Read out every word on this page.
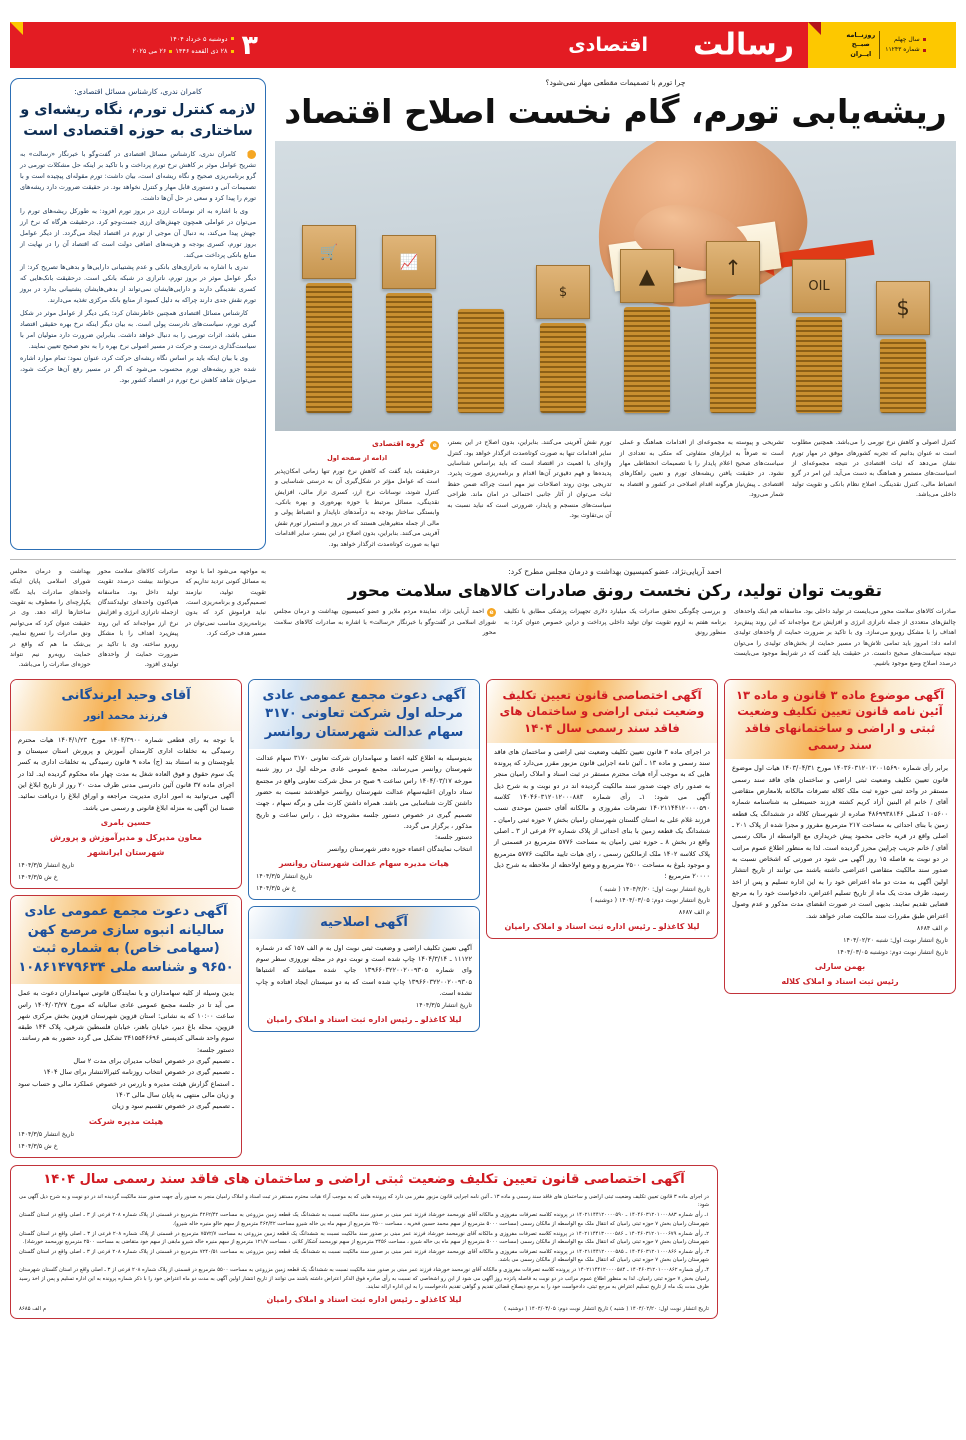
سال چهلم
شماره ۱۱۲۴۳
روزنــامه
صبــح
ایــران
رسالت
اقتصادی
۳
دوشنبه ۵ خرداد ۱۴۰۴
۲۸ ذی القعده ۱۴۴۶
۲۶ می ۲۰۲۵
چرا تورم با تصمیمات مقطعی مهار نمی‌شود؟
ریشه‌یابی تورم، گام نخست اصلاح اقتصاد
$
OIL
↑
▲
$
📈
🛒

کنترل اصولی و کاهش نرخ تورمی را می‌باشد. همچنین مطلوب است نه عنوان بدانیم که تجربه کشورهای موفق در مهار تورم نشان می‌دهد که ثبات اقتصادی در نتیجه مجموعه‌ای از اسیاست‌های مستمر و هماهنگ به دست می‌آید. این امر در گرو انضباط مالی، کنترل نقدینگی، اصلاح نظام بانکی و تقویت تولید داخلی می‌باشد.

تشریحی و پیوسته به مجموعه‌ای از اقدامات هماهنگ و عملی است نه صرفاً به ابزارهای متفاوتی که متکی به تعدادی از سیاست‌های صحیح اعلام پایدار را با تصمیمات انحطاطی مهار نشود. در حقیقت یافتن ریشه‌های تورم و تعیین راهکارهای اقتصادی ـ پیش‌نیاز هرگونه اقدام اصلاحی در کشور و اقتصاد به شمار می‌رود.

تورم نقش آفرینی می‌کنند. بنابراین، بدون اصلاح در این بستر، سایر اقدامات تنها به صورت کوتاه‌مدت اثرگذار خواهد بود. کنترل واژه‌ای با اهمیت در اقتصاد است که باید براساس شناسایی پدیده‌ها و فهم دقیق‌تر آن‌ها اقدام و برنامه‌ریزی صورت پذیرد. تدریجی بودن روند اصلاحات نیز مهم است چراکه ضمن حفظ ثبات می‌توان از آثار جانبی احتمالی در امان ماند. طراحی سیاست‌های منسجم و پایدار، ضرورتی است که نباید نسبت به آن بی‌تفاوت بود.

e
گروه اقتصادی
ادامه از صفحه اول

درحقیقت باید گفت که کاهش نرخ تورم تنها زمانی امکان‌پذیر است که عوامل مؤثر در شکل‌گیری آن به درستی شناسایی و کنترل شوند، نوسانات نرخ ارز، کسری تراز مالی، افزایش نقدینگی، مسائل مرتبط با حوزه بهره‌وری و بهره بانکی، وابستگی ساختار بودجه به درآمدهای ناپایدار و انضباط پولی و مالی از جمله متغیرهایی هستند که در بروز و استمرار تورم نقش آفرینی می‌کنند. بنابراین، بدون اصلاح در این بستر، سایر اقدامات تنها به صورت کوتاه‌مدت اثرگذار خواهد بود.

کامران ندری، کارشناس مسائل اقتصادی:
لازمه کنترل تورم، نگاه ریشه‌ای و ساختاری به حوزه اقتصادی است

e
کامران ندری، کارشناس مسائل اقتصادی در گفت‌وگو با خبرنگار «رسالت» به تشریح عوامل موثر بر کاهش نرخ تورم پرداخت و با تاکید بر اینکه حل مشکلات تورمی در گرو برنامه‌ریزی صحیح و نگاه ریشه‌ای است، بیان داشت: تورم مقوله‌ای پیچیده است و با تصمیمات آنی و دستوری قابل مهار و کنترل نخواهد بود. در حقیقت ضرورت دارد ریشه‌های تورم را پیدا کرد و سعی در حل آن‌ها داشت.

وی با اشاره به اثر نوسانات ارزی در بروز تورم افزود: به طورکل ریشه‌های تورم را می‌توان در عواملی همچون جهش‌های ارزی جست‌وجو کرد. درحقیقت هرگاه که نرخ ارز جهش پیدا می‌کند، به دنبال آن موجی از تورم در اقتصاد ایجاد می‌گردد. از دیگر عوامل بروز تورم، کسری بودجه و هزینه‌های اضافی دولت است که اقتصاد آن را در نهایت از منابع بانکی پرداخت می‌کند.

ندری با اشاره به ناترازی‌های بانکی و عدم پشتیبانی دارایی‌ها و بدهی‌ها تصریح کرد: از دیگر عوامل موثر در بروز تورم، ناترازی در شبکه بانکی است. درحقیقت بانک‌هایی که کسری نقدینگی دارند و دارایی‌هایشان نمی‌تواند از بدهی‌هایشان پشتیبانی بدارد در بروز تورم نقش جدی دارند چراکه به دلیل کمبود از منابع بانک مرکزی تغذیه می‌دارند.

کارشناس مسائل اقتصادی همچنین خاطرنشان کرد: یکی دیگر از عوامل موثر در شکل گیری تورم، سیاست‌های نادرست پولی است. به بیان دیگر اینکه نرخ بهره حقیقی اقتصاد منفی باشد، اثرات تورمی را به دنبال خواهد داشت. بنابراین ضرورت دارد متولیان امر با سیاست‌گذاری درست و حرکت در مسیر اصولی نرخ بهره را به نحو صحیح تعیین نمایند.

وی با بیان اینکه باید بر اساس نگاه ریشه‌ای حرکت کرد، عنوان نمود: تمام موارد اشاره شده جزو ریشه‌های تورم محسوب می‌شود که اگر در مسیر رفع آن‌ها حرکت شود، می‌توان شاهد کاهش نرخ تورم در اقتصاد کشور بود.

احمد آریایی‌نژاد، عضو کمیسیون بهداشت و درمان مجلس مطرح کرد:
تقویت توان تولید، رکن نخست رونق صادرات کالاهای سلامت محور
صادرات کالاهای سلامت محور می‌بایست در تولید داخلی بود. متاسفانه هم اینک واحدهای چالش‌های متعددی از جمله ناترازی انرژی و افزایش نرخ مواجه‌اند که این روند پیش‌برد اهداف را با مشکل روبرو می‌سازد. وی با تاکید بر ضرورت حمایت از واحدهای تولیدی ادامه داد: امروز باید تمامی تلاش‌ها در مسیر حمایت از بخش‌های تولیدی را می‌توان نتیجه سیاست‌های صحیح دانست. در حقیقت باید گفت که در شرایط موجود می‌بایست درصدد اصلاح وضع موجود باشیم.
و بررسی چگونگی تحقق صادرات یک میلیارد دلاری تجهیزات پزشکی مطابق با تکلیف برنامه هفتم به لزوم تقویت توان تولید داخلی پرداخت و دراین خصوص عنوان کرد: به منظور رونق
e
احمد آریایی نژاد، نماینده مردم ملایر و عضو کمیسیون بهداشت و درمان مجلس شورای اسلامی در گفت‌وگو با خبرنگار «رسالت» با اشاره به صادرات کالاهای سلامت محور
به مواجهه می‌شود اما با توجه به مسائل کنونی تردید نداریم که تقویت تولید، نیازمند تصمیم‌گیری و برنامه‌ریزی است. نباید فراموش کرد که بدون برنامه‌ریزی مناسب نمی‌توان در مسیر هدف حرکت کرد.
صادرات کالاهای سلامت محور می‌توانند بیشت درصدد تقویت تولید داخل بود. متاسفانه هم‌اکنون واحدهای تولیدکنندگان ازجمله ناترازی انرژی و افزایش نرخ ارز مواجه‌اند که این روند پیش‌برد اهداف را با مشکل روبرو ساخته. وی با تاکید بر ضرورت حمایت از واحدهای تولیدی افزود.
بهداشت و درمان مجلس شورای اسلامی پایان اینکه واحدهای صادرات باید نگاه یکپارچه‌ای را معطوف به تقویت ساختارها ارائه دهد. وی در حقیقت عنوان کرد که می‌توانیم ونق صادرات را تسریع نماییم. بی‌شک ما هم که واقع در حمایت روبه‌رو نیم نتواند حوزه‌ای صادرات را می‌باشد.
آگهی موضوع ماده ۳ قانون و ماده ۱۳ آئین نامه قانون تعیین تکلیف وضعیت ثبتی و اراضی و ساختمانهای فاقد سند رسمی
برابر رأی شماره ۱۴۰۳۶۰۳۱۲۰۱۲۰۰۱۵۶۹۰ مورخ ۱۴۰۳/۰۴/۳۱ هیات اول موضوع قانون تعیین تکلیف وضعیت ثبتی اراضی و ساختمان های فاقد سند رسمی مستقر در واحد ثبتی حوزه ثبت ملک کلاله تصرفات مالکانه بلامعارض متقاضی آقای / خانم ام البنین آزاد کریم کشته فرزند حسینعلی به شناسنامه شماره ۱۰۵۶۰۰ کدملی ۴۸۶۹۹۳۸۱۴۶ صادره از شهرستان کلاله در ششدانگ یک قطعه زمین با بنای احداثی به مساحت ۲۱۷ مترمربع مفروز و مجزا شده از پلاک ۲۰۱ ـ اصلی واقع در قریه حاجی محمود پیش خریداری مع الواسطه از مالک رسمی آقای / خانم جریب چراپین محرز گردیده است. لذا به منظور اطلاع عموم مراتب در دو نوبت به فاصله ۱۵ روز آگهی می شود در صورتی که اشخاص نسبت به صدور سند مالکیت متقاضی اعتراضی داشته باشند می توانند از تاریخ انتشار اولین آگهی به مدت دو ماه اعتراض خود را به این اداره تسلیم و پس از اخذ رسید، ظرف مدت یک ماه از تاریخ تسلیم اعتراض، دادخواست خود را به مرجع قضایی تقدیم نمایند. بدیهی است در صورت انقضای مدت مذکور و عدم وصول اعتراض طبق مقررات سند مالکیت صادر خواهد شد.
م الف ۸۶۸۴
تاریخ انتشار نوبت اول: شنبه ۱۴۰۴/۰۲/۲۰
تاریخ انتشار نوبت دوم: دوشنبه ۱۴۰۴/۰۳/۰۵
بهمن سارلی
رئیس ثبت اسناد و املاک کلاله
آگهی اختصاصی قانون تعیین تکلیف وضعیت ثبتی اراضی و ساختمان های فاقد سند رسمی سال ۱۴۰۴
در اجرای ماده ۳ قانون تعیین تکلیف وضعیت ثبتی اراضی و ساختمان های فاقد سند رسمی و ماده ۱۳ ـ آئین نامه اجرایی قانون مزبور مقرر می‌دارد که پرونده هایی که به موجب آراء هیات محترم مستقر در ثبت اسناد و املاک رامیان منجر به صدور رای جهت صدور سند مالکیت گردیده اند در دو نوبت و به شرح ذیل آگهی می شود: ۱ـ رأی شماره ۱۴۰۴۶۰۳۱۲۰۱۲۰۰۰۸۸۳ کلاسه ۱۴۰۲۱۱۴۴۱۲۰۰۰۰۵۹۰ تصرفات مفروزی و مالکانه آقای حسین موحدی نسب فرزند غلام علی به استان گلستان شهرستان رامیان بخش ۷ حوزه ثبتی رامیان ـ ششدانگ یک قطعه زمین با بنای احداثی از پلاک شماره ۶۲ فرعی از ۳ ـ اصلی واقع در بخش ۸ ـ حوزه ثبتی رامیان به مساحت ۵۷۷۶ مترمربع در قسمتی از پلاک کلاسه ۱۴۰۲ ملک ازمالکین رسمی ، رای هیات تایید مالکیت ۵۷۷۶ مترمربع و موجود بلوغ به مساحت ۲۵۰۰ مترمربع و وضع اولاحظه از ملاحظه به شرح ذیل ۲۰۰۰۰ مترمربع ؛
تاریخ انتشار نوبت اول: ۱۴۰۴/۲/۲۰ ( شنبه )
تاریخ انتشار نوبت دوم: ۱۴۰۴/۰۳/۰۵ ( دوشنبه )
م الف ۸۶۸۷
لیلا کاغذلو ـ رئیس اداره ثبت اسناد و املاک رامیان
آگهی دعوت مجمع عمومی عادی مرحله اول شرکت تعاونی ۳۱۷۰ سهام عدالت شهرستان روانسر
بدینوسیله به اطلاع کلیه اعضا و سهامداران شرکت تعاونی ۳۱۷۰ سهام عدالت شهرستان روانسر می‌رساند، مجمع عمومی عادی مرحله اول در روز شنبه مورخه ۱۴۰۴/۰۳/۱۷ راس ساعت ۹ صبح در محل شرکت تعاونی واقع در مجتمع ستاد داوران اعلیه‌سهام عدالت شهرستان روانسر خواهدشد نسبت به حضور داشتن کارت شناسایی می باشد. همراه داشتن کارت ملی و برگه سهام ، جهت تصمیم گیری در خصوص دستور جلسه مشروحه ذیل ، راس ساعت و تاریخ مذکور ، برگزار می گردد.
دستور جلسه:
انتخاب نمایندگان اعضاء حوزه دفتر شهرستان روانسر
هیات مدیره سهام عدالت شهرستان روانسر
تاریخ انتشار ۱۴۰۴/۳/۵
خ ش ۱۴۰۴/۳/۵
آگهی اصلاحیه
آگهی تعیین تکلیف اراضی و وضعیت ثبتی نوبت اول به م الف ۱۵۷ که در شماره ۱۱۱۲۲ ـ ۱۴۰۴/۳/۱۴ چاپ شده است و نوبت دوم در مجله نوروزی سطر سوم وای شماره ۱۳۹۶۶۰۳۲۲۰۰۲۰۰۹۳۰۵ جاپ شده میباشد که اشتباها ۱۳۹۶۶۰۳۲۲۰۰۲۰۰۹۳۰۵ چاپ شده است که به دو سیستان ایجاد افتاده و چاپ نشده است.
تاریخ انتشار ۱۴۰۴/۳/۵
لیلا کاغذلو ـ رئیس اداره ثبت اسناد و املاک رامیان
آقای وحید ایرندگانی
فرزند محمد انور
با توجه به رای قطعی شماره ۱۴۰۴/۳۹۰۰ مورخ ۱۴۰۴/۱/۲۳ هیات محترم رسیدگی به تخلفات اداری کارمندان آموزش و پرورش استان سیستان و بلوچستان و به استناد بند (ج) ماده ۹ قانون رسیدگی به تخلفات اداری به کسر یک سوم حقوق و فوق العاده شغل به مدت چهار ماه محکوم گردیده اید. لذا در اجرای ماده ۳۷ قانون آئین دادرسی مدنی ظرف مدت ۲۰ روز از تاریخ ابلاغ این آگهی می‌توانید به امور اداری مدیریت مراجعه و اوراق ابلاغ را دریافت نمائید. ضمنا این آگهی به منزله ابلاغ قانونی و رسمی می باشد.
حسین بامری
معاون مدیرکل و مدیرآموزش و پرورش
شهرستان ایرانشهر
تاریخ انتشار ۱۴۰۴/۳/۵
خ ش ۱۴۰۴/۳/۵
آگهی دعوت مجمع عمومی عادی سالیانه انبوه سازی مرصع کهن (سهامی خاص) به شماره ثبت ۹۶۵۰ و شناسه ملی ۱۰۸۶۱۴۷۹۶۳۴
بدین وسیله از کلیه سهامداران و یا نمایندگان قانونی سهامداران دعوت به عمل می آید تا در جلسه مجمع عمومی عادی سالیانه که مورخ ۱۴۰۴/۰۳/۲۷ راس ساعت ۱۰:۰۰ که به نشانی: استان قزوین شهرستان قزوین بخش مرکزی شهر قزوین، محله باغ دبیر، خیابان باهنر، خیابان فلسطین شرقی، پلاک ۱۴۴ طبقه سوم واحد شمالی کدپستی ۳۴۱۵۵۴۶۶۹۶ تشکیل می گردد حضور به هم رسانند.
دستور جلسه:
ـ تصمیم گیری در خصوص انتخاب مدیران برای مدت ۲ سال
ـ تصمیم گیری در خصوص انتخاب روزنامه کثیرالانتشار برای سال ۱۴۰۴
ـ استماع گزارش هیئت مدیره و بازرس در خصوص عملکرد مالی و حساب سود و زیان مالی منتهی به پایان سال مالی ۱۴۰۳
ـ تصمیم گیری در خصوص تقسیم سود و زیان
هیئت مدیره شرکت
تاریخ انتشار ۱۴۰۴/۳/۵
خ ش ۱۴۰۴/۳/۵
آگهی اختصاصی قانون تعیین تکلیف وضعیت ثبتی اراضی و ساختمان های فاقد سند رسمی سال ۱۴۰۴

در اجرای ماده ۳ قانون تعیین تکلیف وضعیت ثبتی اراضی و ساختمان های فاقد سند رسمی و ماده ۱۳ ـ آئین نامه اجرایی قانون مزبور مقرر می دارد که پرونده هایی که به موجب آراء هیات محترم مستقر در ثبت اسناد و املاک رامیان منجر به صدور رأی جهت صدور سند مالکیت گردیده اند در دو نوبت و به شرح ذیل آگهی می شود:

۱ـ رأی شماره ۱۴۰۴۶۰۳۱۲۰۱۰۰۰۸۸۳ ـ ۱۴۰۲۱۱۴۴۱۲۰۰۰۰۵۹۰ در پرونده کلاسه تصرفات مفروزی و مالکانه آقای نورمحمد خورشاد فرزند عمر مبنی بر صدور سند مالکیت نسبت به ششدانگ یک قطعه زمین مزروعی به مساحت ۴۲۶۲/۴۲ مترمربع در قسمتی از پلاک شماره ۲۰۸ فرعی از ۳ ـ اصلی واقع در استان گلستان شهرستان رامیان بخش ۷ حوزه ثبتی رامیان که انتقال ملک مع الواسطه از مالکان رسمی (مساحت ۵۰۰۰ مترمربع از سهم محمد حسین فخریه ، مساحت ۲۵۰۰ مترمربع از سهم ماه بی خاله شیرو مساحت ۴۶۲/۴۲ مترمربع از سهم خالو منیره خاله شیرو).

۲ـ رأی شماره ۱۴۰۴۶۰۳۱۲۰۱۰۰۰۶۷۹ ـ ۱۴۰۲۱۱۴۴۱۳۰۰۰۰۵۸۶ در پرونده کلاسه تصرفات مفروزی و مالکانه آقای نورمحمد خورشاد فرزند عمر مبنی بر صدور سند مالکیت نسبت به ششدانگ یک قطعه زمین مزروعی به مساحت ۷۵۷۲/۷ مترمربع در قسمتی از پلاک شماره ۲۰۸ فرعی از ۳ ـ اصلی واقع در استان گلستان شهرستان رامیان بخش ۷ حوزه ثبتی رامیان که انتقال ملک مع الواسطه از مالکان رسمی (مساحت ۵۰۰۰ مترمربع از سهم ماه بی خاله شیرو ، مساحت ۲۴۵۶ مترمربع از سهم نورمحمد آشکار کلانی ، مساحت ۱۲۱/۷ مترمربع از سهم منیره خاله شیرو مابقی از سهم خود متقاضی به مساحت ۲۵۰۰ مترمربع نورمحمد خورشاد).

۳ـ رأی شماره ۱۴۰۴۶۰۳۱۲۰۱۰۰۰۸۶۶ ـ ۱۴۰۲۱۱۴۴۱۲۰۰۰۰۵۸۵ در پرونده کلاسه تصرفات مفروزی و مالکانه آقای نورمحمد خورشاد فرزند عمر مبنی بر صدور سند مالکیت نسبت به ششدانگ یک قطعه زمین مزروعی به مساحت ۷۲۴۰/۵۱ مترمربع در قسمتی از پلاک شماره ۲۰۸ فرعی از ۳ ـ اصلی واقع در استان گلستان شهرستان رامیان بخش ۷ حوزه ثبتی رامیان که انتقال ملک مع الواسطه از مالکان رسمی می باشد.

۴ـ رأی شماره ۱۴۰۴۶۰۳۱۲۰۱۰۰۰۸۶۲ ـ ۱۴۰۲۱۱۴۴۱۲۰۰۰۰۵۸۴ در پرونده کلاسه تصرفات مفروزی و مالکانه آقای نورمحمد خورشاد فرزند عمر مبنی بر صدور سند مالکیت نسبت به ششدانگ یک قطعه زمین مزروعی به مساحت ۵۵۰۰ مترمربع در قسمتی از پلاک شماره ۲۰۸ فرعی از ۳ ـ اصلی واقع در استان گلستان شهرستان رامیان بخش ۷ حوزه ثبتی رامیان. لذا به منظور اطلاع عموم مراتب در دو نوبت به فاصله پانزده روز آگهی می شود از این رو اشخاصی که نسبت به رأی صادره فوق الذکر اعتراض داشته باشند می توانند از تاریخ انتشار اولین آگهی به مدت دو ماه اعتراض خود را با ذکر شماره پرونده به این اداره تسلیم و پس از اخذ رسید ظرف مدت یک ماه از تاریخ تسلیم اعتراض به مرجع ثبتی، دادخواست خود را به مرجع ذیصلاح قضائی تقدیم و گواهی تقدیم دادخواست را به این اداره ارائه نمایند.

لیلا کاغذلو ـ رئیس اداره ثبت اسناد و املاک رامیان
تاریخ انتشار نوبت اول: ۱۴۰۴/۰۲/۲۰ ( شنبه ) تاریخ انتشار نوبت دوم: ۱۴۰۴/۰۳/۰۵ ( دوشنبه )
م الف ۸۶۸۵
